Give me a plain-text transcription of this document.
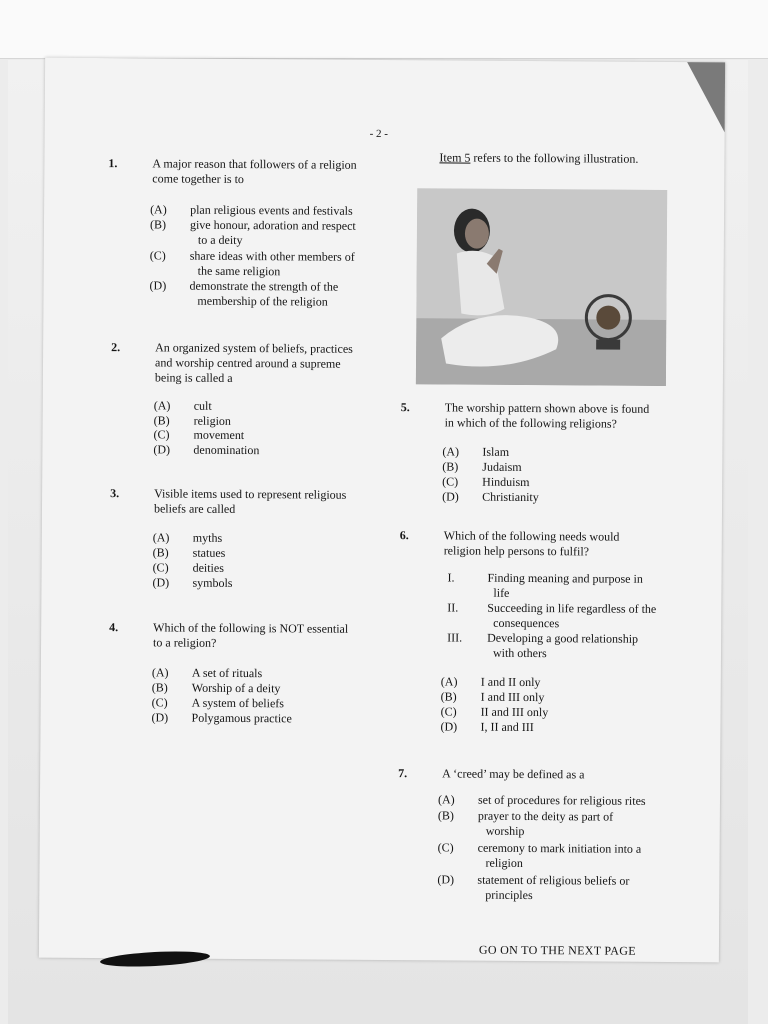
- 2 -
1.	A major reason that followers of a religion
come together is to
(A) plan religious events and festivals
(B) give honour, adoration and respect
to a deity
(C) share ideas with other members of
the same religion
(D) demonstrate the strength of the
membership of the religion
2.	An organized system of beliefs, practices
and worship centred around a supreme
being is called a
(A) cult
(B) religion
(C) movement
(D) denomination
3.	Visible items used to represent religious
beliefs are called
(A) myths
(B) statues
(C) deities
(D) symbols
4.	Which of the following is NOT essential
to a religion?
(A) A set of rituals
(B) Worship of a deity
(C) A system of beliefs
(D) Polygamous practice
Item 5 refers to the following illustration.
5.	The worship pattern shown above is found
in which of the following religions?
(A) Islam
(B) Judaism
(C) Hinduism
(D) Christianity
6.	Which of the following needs would
religion help persons to fulfil?
I.	Finding meaning and purpose in
life
II. Succeeding in life regardless of the
consequences
III. Developing a good relationship
with others
(A) I and II only
(B) I and III only
(C) II and III only
(D) I, II and III
7.	A ‘creed’ may be defined as a
(A) set of procedures for religious rites
(B) prayer to the deity as part of
worship
(C) ceremony to mark initiation into a
religion
(D) statement of religious beliefs or
principles
GO ON TO THE NEXT PAGE
